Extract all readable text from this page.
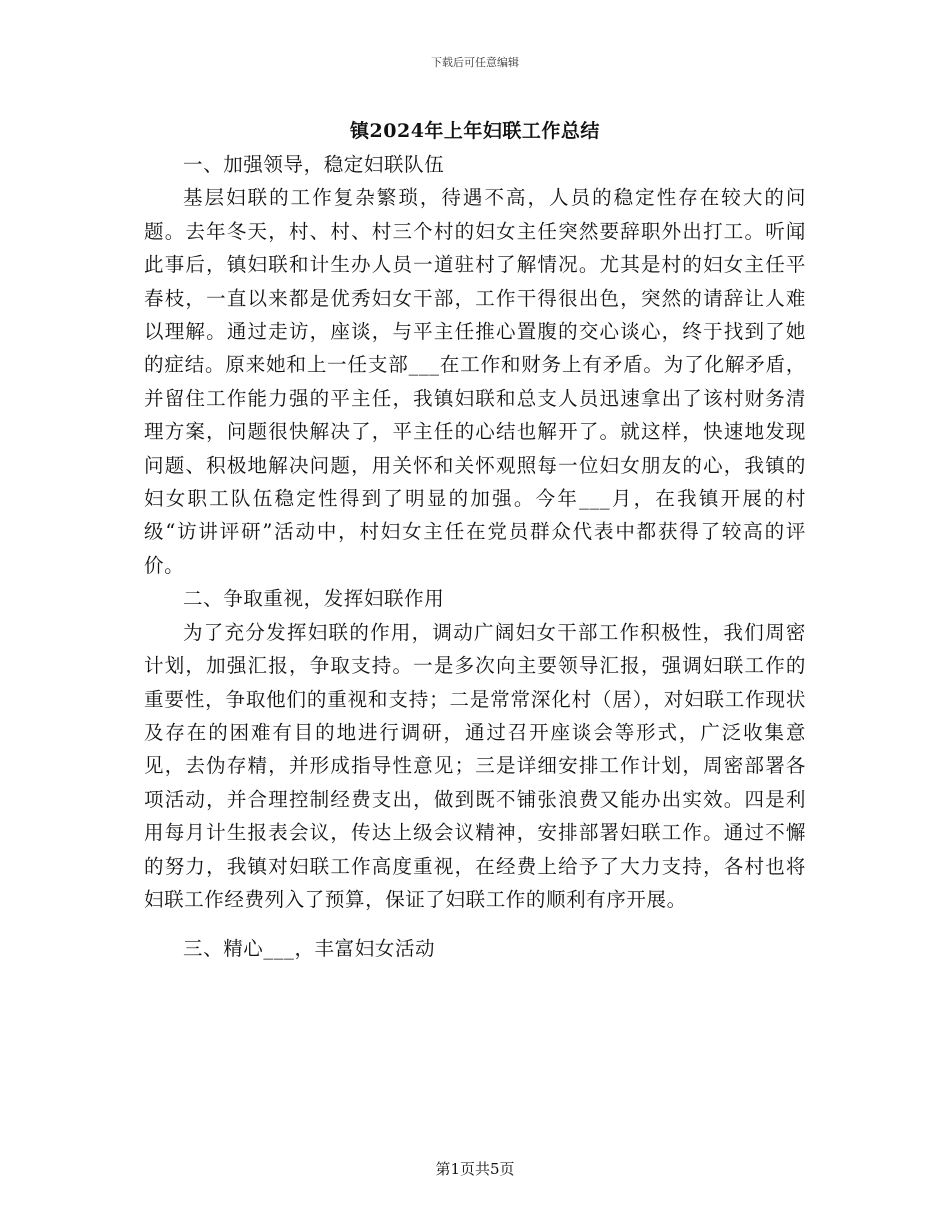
下载后可任意编辑
镇2024年上年妇联工作总结

一、加强领导，稳定妇联队伍

基层妇联的工作复杂繁琐，待遇不高，人员的稳定性存在较大的问题。去年冬天，村、村、村三个村的妇女主任突然要辞职外出打工。听闻此事后，镇妇联和计生办人员一道驻村了解情况。尤其是村的妇女主任平春枝，一直以来都是优秀妇女干部，工作干得很出色，突然的请辞让人难以理解。通过走访，座谈，与平主任推心置腹的交心谈心，终于找到了她的症结。原来她和上一任支部___在工作和财务上有矛盾。为了化解矛盾，并留住工作能力强的平主任，我镇妇联和总支人员迅速拿出了该村财务清理方案，问题很快解决了，平主任的心结也解开了。就这样，快速地发现问题、积极地解决问题，用关怀和关怀观照每一位妇女朋友的心，我镇的妇女职工队伍稳定性得到了明显的加强。今年___月，在我镇开展的村级“访讲评研”活动中，村妇女主任在党员群众代表中都获得了较高的评价。

二、争取重视，发挥妇联作用

为了充分发挥妇联的作用，调动广阔妇女干部工作积极性，我们周密计划，加强汇报，争取支持。一是多次向主要领导汇报，强调妇联工作的重要性，争取他们的重视和支持；二是常常深化村（居），对妇联工作现状及存在的困难有目的地进行调研，通过召开座谈会等形式，广泛收集意见，去伪存精，并形成指导性意见；三是详细安排工作计划，周密部署各项活动，并合理控制经费支出，做到既不铺张浪费又能办出实效。四是利用每月计生报表会议，传达上级会议精神，安排部署妇联工作。通过不懈的努力，我镇对妇联工作高度重视，在经费上给予了大力支持，各村也将妇联工作经费列入了预算，保证了妇联工作的顺利有序开展。

三、精心___，丰富妇女活动

第1页共5页
